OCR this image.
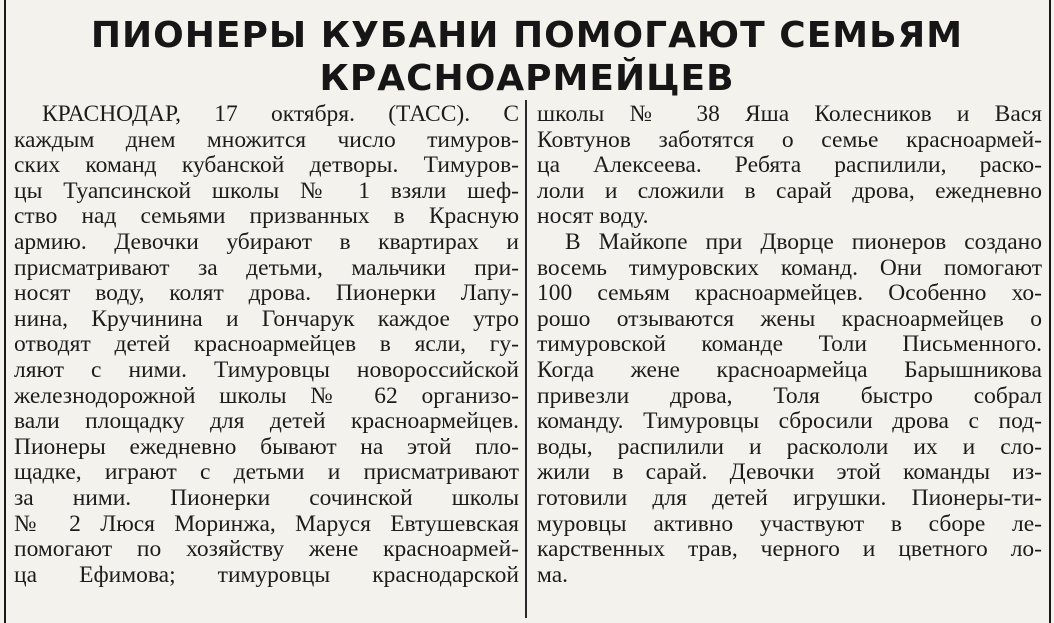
ПИОНЕРЫ КУБАНИ ПОМОГАЮТ СЕМЬЯМ
КРАСНОАРМЕЙЦЕВ
КРАСНОДАР, 17 октября. (ТАСС). С
каждым днем множится число тимуров-
ских команд кубанской детворы. Тимуров-
цы Туапсинской школы № 1 взяли шеф-
ство над семьями призванных в Красную
армию. Девочки убирают в квартирах и
присматривают за детьми, мальчики при-
носят воду, колят дрова. Пионерки Лапу-
нина, Кручинина и Гончарук каждое утро
отводят детей красноармейцев в ясли, гу-
ляют с ними. Тимуровцы новороссийской
железнодорожной школы № 62 организо-
вали площадку для детей красноармейцев.
Пионеры ежедневно бывают на этой пло-
щадке, играют с детьми и присматривают
за ними. Пионерки сочинской школы
№ 2 Люся Моринжа, Маруся Евтушевская
помогают по хозяйству жене красноармей-
ца Ефимова; тимуровцы краснодарской
школы № 38 Яша Колесников и Вася
Ковтунов заботятся о семье красноармей-
ца Алексеева. Ребята распилили, раско-
лоли и сложили в сарай дрова, ежедневно
носят воду.
В Майкопе при Дворце пионеров создано
восемь тимуровских команд. Они помогают
100 семьям красноармейцев. Особенно хо-
рошо отзываются жены красноармейцев о
тимуровской команде Толи Письменного.
Когда жене красноармейца Барышникова
привезли дрова, Толя быстро собрал
команду. Тимуровцы сбросили дрова с под-
воды, распилили и раскололи их и сло-
жили в сарай. Девочки этой команды из-
готовили для детей игрушки. Пионеры-ти-
муровцы активно участвуют в сборе ле-
карственных трав, черного и цветного ло-
ма.
